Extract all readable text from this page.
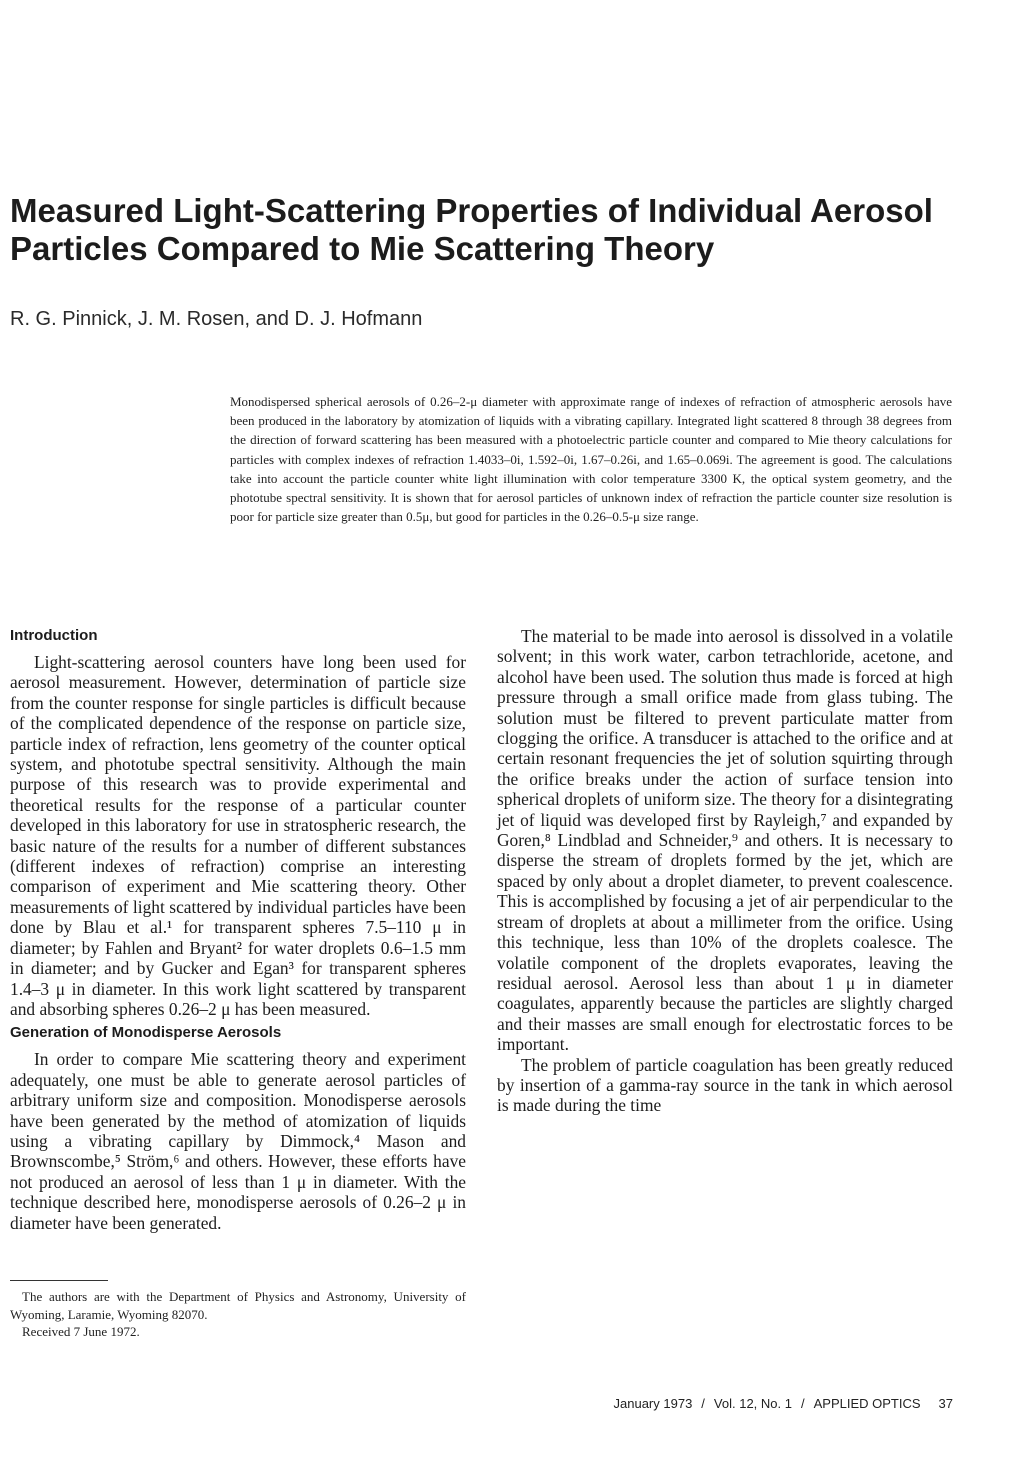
Measured Light-Scattering Properties of Individual Aerosol Particles Compared to Mie Scattering Theory
R. G. Pinnick, J. M. Rosen, and D. J. Hofmann
Monodispersed spherical aerosols of 0.26–2-μ diameter with approximate range of indexes of refraction of atmospheric aerosols have been produced in the laboratory by atomization of liquids with a vibrating capillary. Integrated light scattered 8 through 38 degrees from the direction of forward scattering has been measured with a photoelectric particle counter and compared to Mie theory calculations for particles with complex indexes of refraction 1.4033–0i, 1.592–0i, 1.67–0.26i, and 1.65–0.069i. The agreement is good. The calculations take into account the particle counter white light illumination with color temperature 3300 K, the optical system geometry, and the phototube spectral sensitivity. It is shown that for aerosol particles of unknown index of refraction the particle counter size resolution is poor for particle size greater than 0.5μ, but good for particles in the 0.26–0.5-μ size range.
Introduction

Light-scattering aerosol counters have long been used for aerosol measurement. However, determination of particle size from the counter response for single particles is difficult because of the complicated dependence of the response on particle size, particle index of refraction, lens geometry of the counter optical system, and phototube spectral sensitivity. Although the main purpose of this research was to provide experimental and theoretical results for the response of a particular counter developed in this laboratory for use in stratospheric research, the basic nature of the results for a number of different substances (different indexes of refraction) comprise an interesting comparison of experiment and Mie scattering theory. Other measurements of light scattered by individual particles have been done by Blau et al.¹ for transparent spheres 7.5–110 μ in diameter; by Fahlen and Bryant² for water droplets 0.6–1.5 mm in diameter; and by Gucker and Egan³ for transparent spheres 1.4–3 μ in diameter. In this work light scattered by transparent and absorbing spheres 0.26–2 μ has been measured.

Generation of Monodisperse Aerosols

In order to compare Mie scattering theory and experiment adequately, one must be able to generate aerosol particles of arbitrary uniform size and composition. Monodisperse aerosols have been generated by the method of atomization of liquids using a vibrating capillary by Dimmock,⁴ Mason and Brownscombe,⁵ Ström,⁶ and others. However, these efforts have not produced an aerosol of less than 1 μ in diameter. With the technique described here, monodisperse aerosols of 0.26–2 μ in diameter have been generated.

The material to be made into aerosol is dissolved in a volatile solvent; in this work water, carbon tetrachloride, acetone, and alcohol have been used. The solution thus made is forced at high pressure through a small orifice made from glass tubing. The solution must be filtered to prevent particulate matter from clogging the orifice. A transducer is attached to the orifice and at certain resonant frequencies the jet of solution squirting through the orifice breaks under the action of surface tension into spherical droplets of uniform size. The theory for a disintegrating jet of liquid was developed first by Rayleigh,⁷ and expanded by Goren,⁸ Lindblad and Schneider,⁹ and others. It is necessary to disperse the stream of droplets formed by the jet, which are spaced by only about a droplet diameter, to prevent coalescence. This is accomplished by focusing a jet of air perpendicular to the stream of droplets at about a millimeter from the orifice. Using this technique, less than 10% of the droplets coalesce. The volatile component of the droplets evaporates, leaving the residual aerosol. Aerosol less than about 1 μ in diameter coagulates, apparently because the particles are slightly charged and their masses are small enough for electrostatic forces to be important.

The problem of particle coagulation has been greatly reduced by insertion of a gamma-ray source in the tank in which aerosol is made during the time

The authors are with the Department of Physics and Astronomy, University of Wyoming, Laramie, Wyoming 82070.

Received 7 June 1972.

January 1973 / Vol. 12, No. 1 / APPLIED OPTICS 37
